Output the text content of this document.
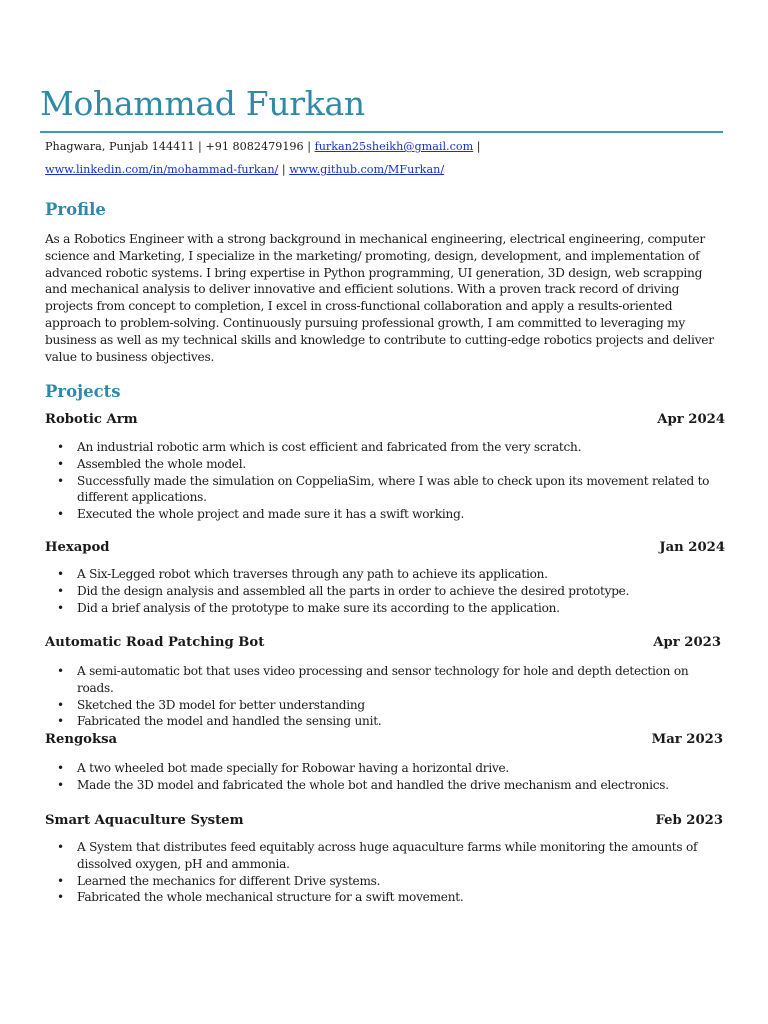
Mohammad Furkan
Phagwara, Punjab 144411 | +91 8082479196 | furkan25sheikh@gmail.com |
www.linkedin.com/in/mohammad-furkan/ | www.github.com/MFurkan/
Profile
As a Robotics Engineer with a strong background in mechanical engineering, electrical engineering, computer science and Marketing, I specialize in the marketing/ promoting, design, development, and implementation of advanced robotic systems. I bring expertise in Python programming, UI generation, 3D design, web scrapping and mechanical analysis to deliver innovative and efficient solutions. With a proven track record of driving projects from concept to completion, I excel in cross-functional collaboration and apply a results-oriented approach to problem-solving. Continuously pursuing professional growth, I am committed to leveraging my business as well as my technical skills and knowledge to contribute to cutting-edge robotics projects and deliver value to business objectives.
Projects
Robotic Arm	Apr 2024
• An industrial robotic arm which is cost efficient and fabricated from the very scratch.
• Assembled the whole model.
• Successfully made the simulation on CoppeliaSim, where I was able to check upon its movement related to different applications.
• Executed the whole project and made sure it has a swift working.
Hexapod	Jan 2024
• A Six-Legged robot which traverses through any path to achieve its application.
• Did the design analysis and assembled all the parts in order to achieve the desired prototype.
• Did a brief analysis of the prototype to make sure its according to the application.
Automatic Road Patching Bot	Apr 2023
• A semi-automatic bot that uses video processing and sensor technology for hole and depth detection on roads.
• Sketched the 3D model for better understanding
• Fabricated the model and handled the sensing unit.
Rengoksa	Mar 2023
• A two wheeled bot made specially for Robowar having a horizontal drive.
• Made the 3D model and fabricated the whole bot and handled the drive mechanism and electronics.
Smart Aquaculture System	Feb 2023
• A System that distributes feed equitably across huge aquaculture farms while monitoring the amounts of dissolved oxygen, pH and ammonia.
• Learned the mechanics for different Drive systems.
• Fabricated the whole mechanical structure for a swift movement.
